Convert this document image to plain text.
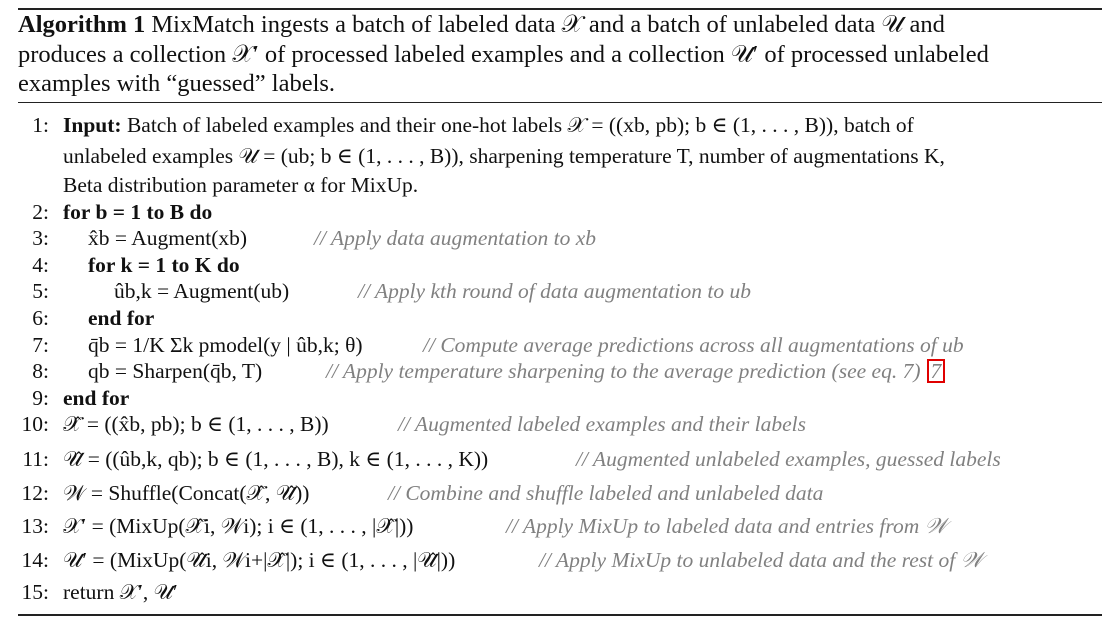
Algorithm 1 MixMatch ingests a batch of labeled data 𝒳 and a batch of unlabeled data 𝒰 and
produces a collection 𝒳′ of processed labeled examples and a collection 𝒰′ of processed unlabeled
examples with “guessed” labels.
1: Input: Batch of labeled examples and their one-hot labels 𝒳 = ((xb, pb); b ∈ (1, . . . , B)), batch of
unlabeled examples 𝒰 = (ub; b ∈ (1, . . . , B)), sharpening temperature T, number of augmentations K,
Beta distribution parameter α for MixUp.
2: for b = 1 to B do
3: x̂b = Augment(xb)	// Apply data augmentation to xb
4: for k = 1 to K do
5:	ûb,k = Augment(ub)	// Apply kth round of data augmentation to ub
6: end for
7: q̄b = 1/K Σk pmodel(y | ûb,k; θ)	// Compute average predictions across all augmentations of ub
8: qb = Sharpen(q̄b, T)	// Apply temperature sharpening to the average prediction (see eq. 7) 7
9: end for
10: 𝒳̂ = ((x̂b, pb); b ∈ (1, . . . , B))	// Augmented labeled examples and their labels
11: 𝒰̂ = ((ûb,k, qb); b ∈ (1, . . . , B), k ∈ (1, . . . , K))	// Augmented unlabeled examples, guessed labels
12: 𝒲 = Shuffle(Concat(𝒳̂, 𝒰̂))	// Combine and shuffle labeled and unlabeled data
13: 𝒳′ = (MixUp(𝒳̂i, 𝒲i); i ∈ (1, . . . , |𝒳̂|))	// Apply MixUp to labeled data and entries from 𝒲
14: 𝒰′ = (MixUp(𝒰̂i, 𝒲i+|𝒳̂|); i ∈ (1, . . . , |𝒰̂|))	// Apply MixUp to unlabeled data and the rest of 𝒲
15: return 𝒳′, 𝒰′
